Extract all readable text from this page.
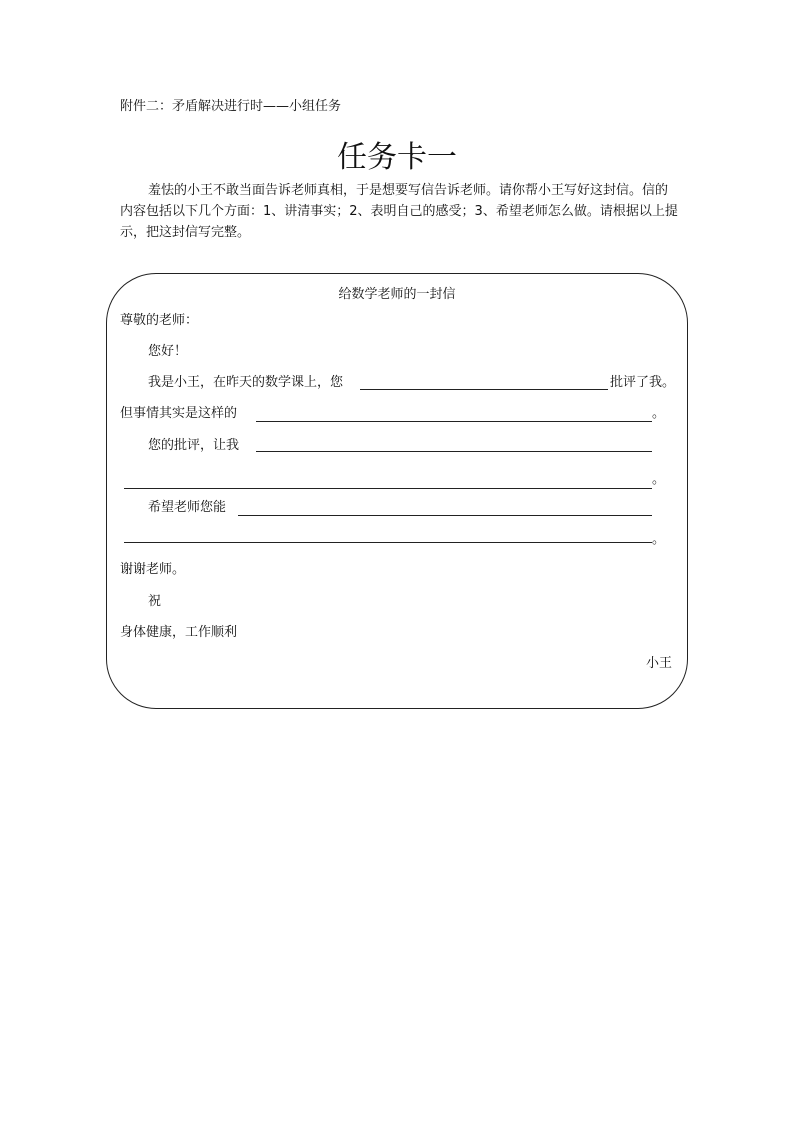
附件二：矛盾解决进行时——小组任务
任务卡一

羞怯的小王不敢当面告诉老师真相，于是想要写信告诉老师。请你帮小王写好这封信。信的内容包括以下几个方面：1、讲清事实；2、表明自己的感受；3、希望老师怎么做。请根据以上提示，把这封信写完整。

给数学老师的一封信
尊敬的老师：
您好！
我是小王，在昨天的数学课上，您	批评了我。
但事情其实是这样的	。
您的批评，让我
。
希望老师您能
。
谢谢老师。
祝
身体健康，工作顺利
小王
